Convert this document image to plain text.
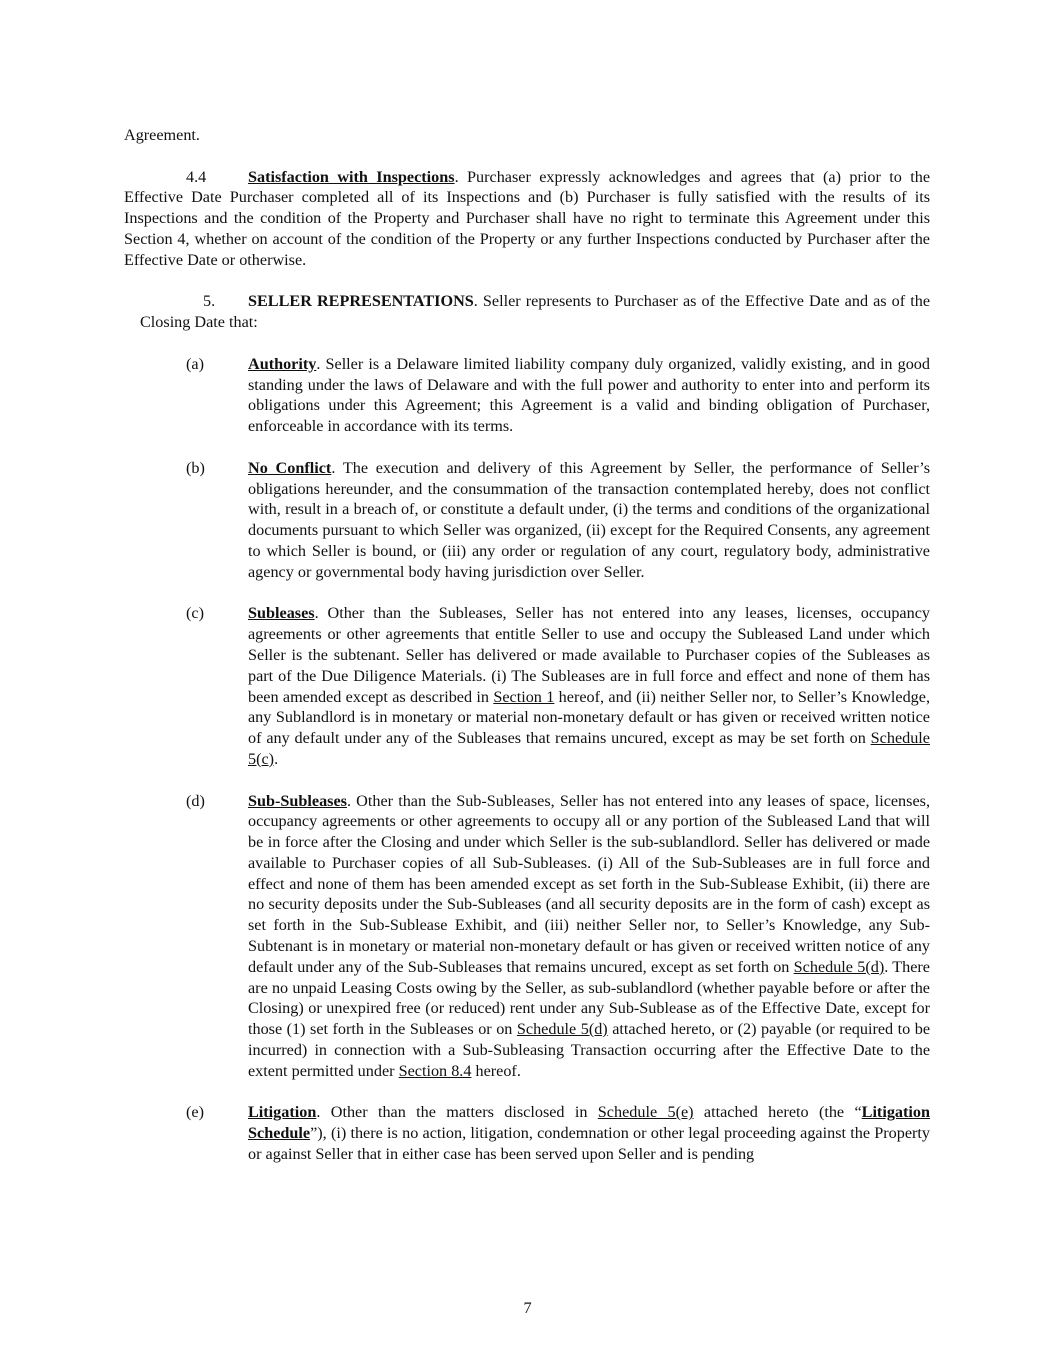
Agreement.

4.4	Satisfaction with Inspections. Purchaser expressly acknowledges and agrees that (a) prior to the Effective Date Purchaser completed all of its Inspections and (b) Purchaser is fully satisfied with the results of its Inspections and the condition of the Property and Purchaser shall have no right to terminate this Agreement under this Section 4, whether on account of the condition of the Property or any further Inspections conducted by Purchaser after the Effective Date or otherwise.

5. SELLER REPRESENTATIONS. Seller represents to Purchaser as of the Effective Date and as of the Closing Date that:

(a)	Authority. Seller is a Delaware limited liability company duly organized, validly existing, and in good standing under the laws of Delaware and with the full power and authority to enter into and perform its obligations under this Agreement; this Agreement is a valid and binding obligation of Purchaser, enforceable in accordance with its terms.

(b)	No Conflict. The execution and delivery of this Agreement by Seller, the performance of Seller’s obligations hereunder, and the consummation of the transaction contemplated hereby, does not conflict with, result in a breach of, or constitute a default under, (i) the terms and conditions of the organizational documents pursuant to which Seller was organized, (ii) except for the Required Consents, any agreement to which Seller is bound, or (iii) any order or regulation of any court, regulatory body, administrative agency or governmental body having jurisdiction over Seller.

(c)	Subleases. Other than the Subleases, Seller has not entered into any leases, licenses, occupancy agreements or other agreements that entitle Seller to use and occupy the Subleased Land under which Seller is the subtenant. Seller has delivered or made available to Purchaser copies of the Subleases as part of the Due Diligence Materials. (i) The Subleases are in full force and effect and none of them has been amended except as described in Section 1 hereof, and (ii) neither Seller nor, to Seller’s Knowledge, any Sublandlord is in monetary or material non-monetary default or has given or received written notice of any default under any of the Subleases that remains uncured, except as may be set forth on Schedule 5(c).

(d)	Sub-Subleases. Other than the Sub-Subleases, Seller has not entered into any leases of space, licenses, occupancy agreements or other agreements to occupy all or any portion of the Subleased Land that will be in force after the Closing and under which Seller is the sub-sublandlord. Seller has delivered or made available to Purchaser copies of all Sub-Subleases. (i) All of the Sub-Subleases are in full force and effect and none of them has been amended except as set forth in the Sub-Sublease Exhibit, (ii) there are no security deposits under the Sub-Subleases (and all security deposits are in the form of cash) except as set forth in the Sub-Sublease Exhibit, and (iii) neither Seller nor, to Seller’s Knowledge, any Sub-Subtenant is in monetary or material non-monetary default or has given or received written notice of any default under any of the Sub-Subleases that remains uncured, except as set forth on Schedule 5(d). There are no unpaid Leasing Costs owing by the Seller, as sub-sublandlord (whether payable before or after the Closing) or unexpired free (or reduced) rent under any Sub-Sublease as of the Effective Date, except for those (1) set forth in the Subleases or on Schedule 5(d) attached hereto, or (2) payable (or required to be incurred) in connection with a Sub-Subleasing Transaction occurring after the Effective Date to the extent permitted under Section 8.4 hereof.

(e)	Litigation. Other than the matters disclosed in Schedule 5(e) attached hereto (the “Litigation Schedule”), (i) there is no action, litigation, condemnation or other legal proceeding against the Property or against Seller that in either case has been served upon Seller and is pending

7
